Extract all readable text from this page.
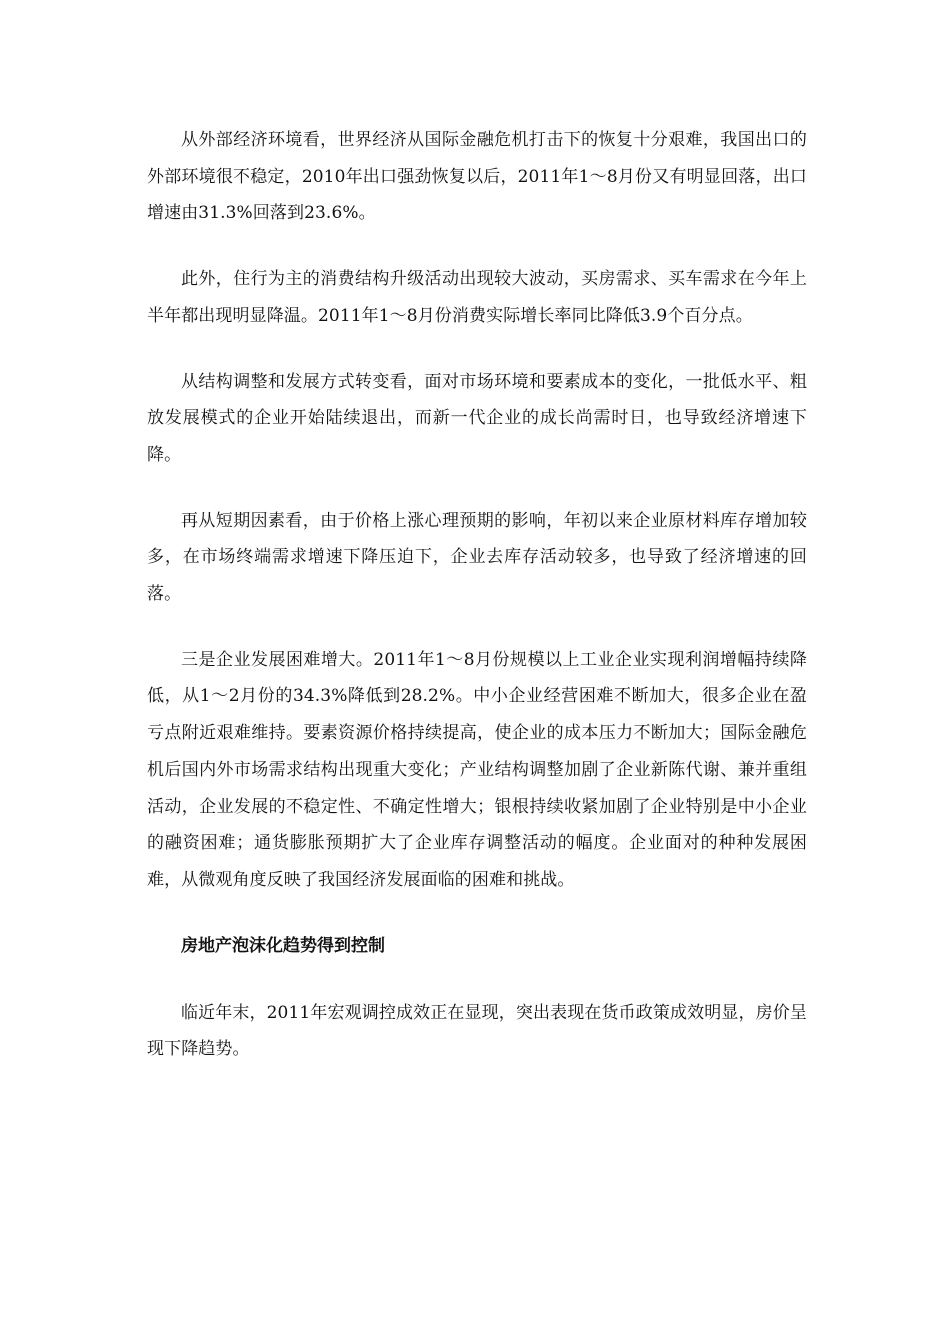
从外部经济环境看，世界经济从国际金融危机打击下的恢复十分艰难，我国出口的外部环境很不稳定，2010年出口强劲恢复以后，2011年1～8月份又有明显回落，出口增速由31.3%回落到23.6%。

此外，住行为主的消费结构升级活动出现较大波动，买房需求、买车需求在今年上半年都出现明显降温。2011年1～8月份消费实际增长率同比降低3.9个百分点。

从结构调整和发展方式转变看，面对市场环境和要素成本的变化，一批低水平、粗放发展模式的企业开始陆续退出，而新一代企业的成长尚需时日，也导致经济增速下降。

再从短期因素看，由于价格上涨心理预期的影响，年初以来企业原材料库存增加较多，在市场终端需求增速下降压迫下，企业去库存活动较多，也导致了经济增速的回落。

三是企业发展困难增大。2011年1～8月份规模以上工业企业实现利润增幅持续降低，从1～2月份的34.3%降低到28.2%。中小企业经营困难不断加大，很多企业在盈亏点附近艰难维持。要素资源价格持续提高，使企业的成本压力不断加大；国际金融危机后国内外市场需求结构出现重大变化；产业结构调整加剧了企业新陈代谢、兼并重组活动，企业发展的不稳定性、不确定性增大；银根持续收紧加剧了企业特别是中小企业的融资困难；通货膨胀预期扩大了企业库存调整活动的幅度。企业面对的种种发展困难，从微观角度反映了我国经济发展面临的困难和挑战。

房地产泡沫化趋势得到控制

临近年末，2011年宏观调控成效正在显现，突出表现在货币政策成效明显，房价呈现下降趋势。
